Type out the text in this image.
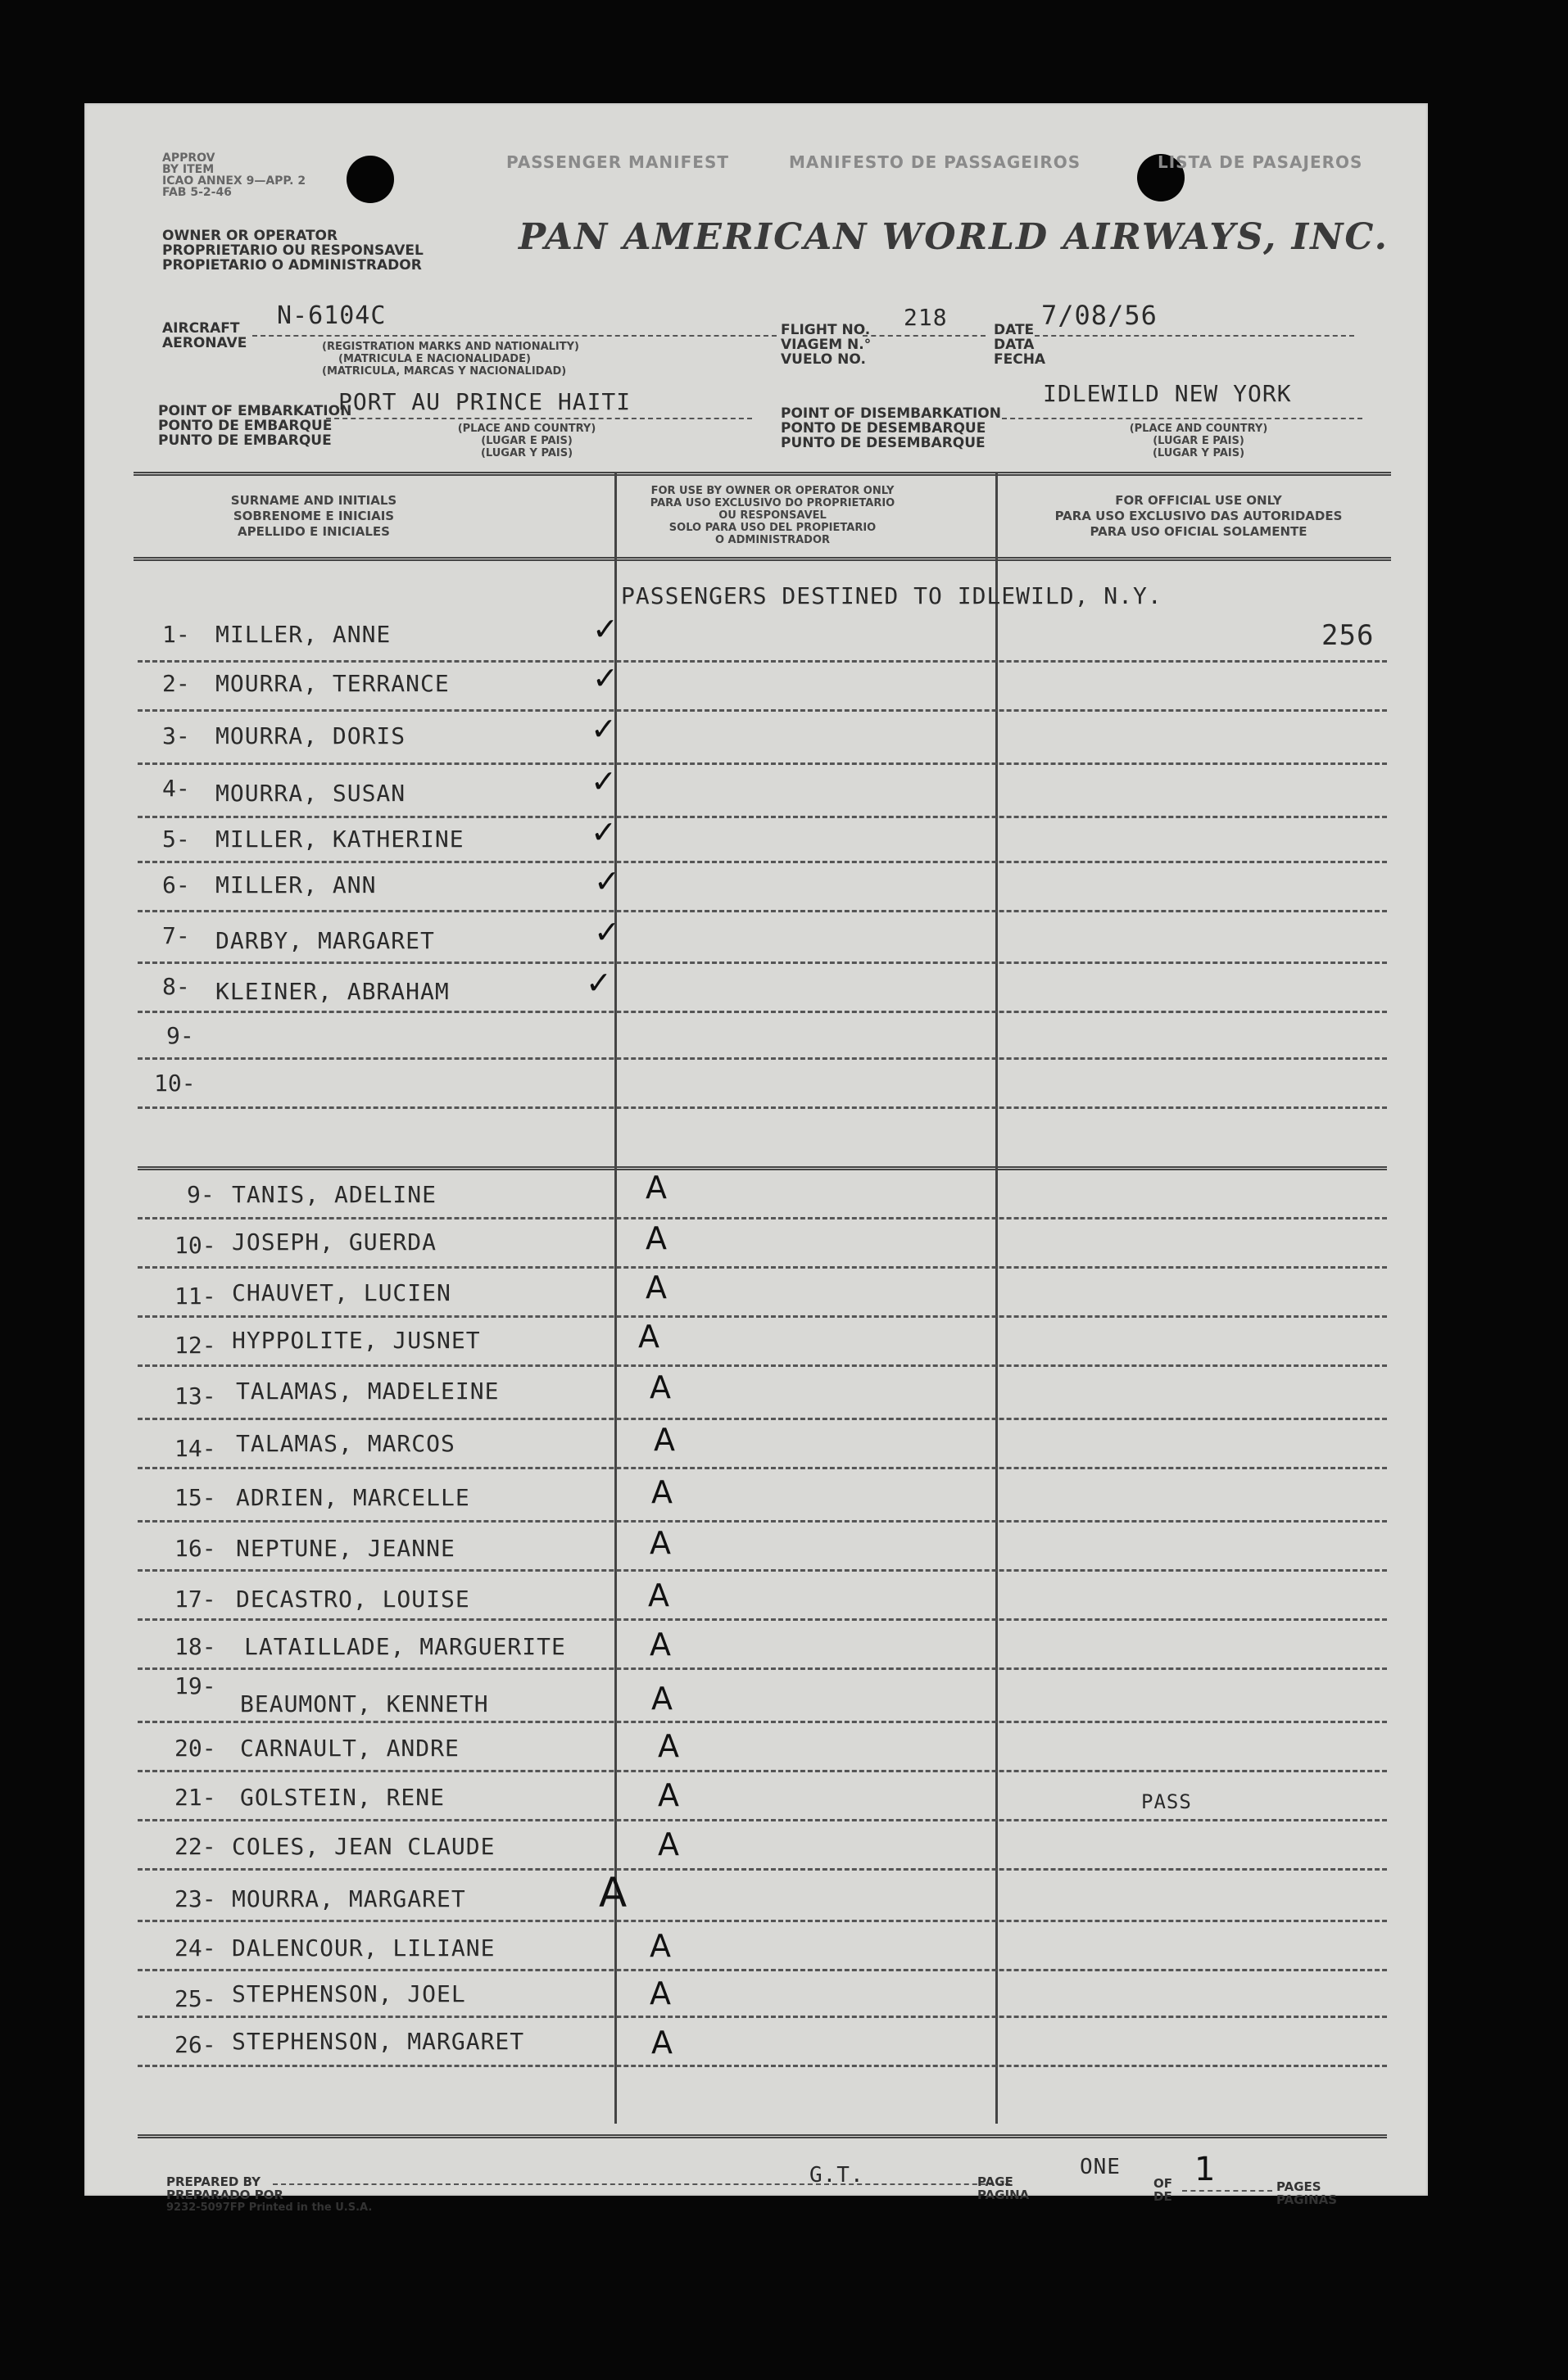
APPROV
BY ITEM
ICAO ANNEX 9—APP. 2
FAB 5-2-46
PASSENGER MANIFEST	MANIFESTO DE PASSAGEIROS	LISTA DE PASAJEROS
OWNER OR OPERATOR
PROPRIETARIO OU RESPONSAVEL
PROPIETARIO O ADMINISTRADOR
PAN AMERICAN WORLD AIRWAYS, INC.
AIRCRAFT
AERONAVE
N-6104C
(REGISTRATION MARKS AND NATIONALITY)
(MATRICULA E NACIONALIDADE)
(MATRICULA, MARCAS Y NACIONALIDAD)
FLIGHT NO.
VIAGEM N.°
VUELO NO.
218	DATE
DATA
FECHA
7/08/56
POINT OF EMBARKATION
PONTO DE EMBARQUE
PUNTO DE EMBARQUE
PORT AU PRINCE HAITI
(PLACE AND COUNTRY)
(LUGAR E PAIS)
(LUGAR Y PAIS)
POINT OF DISEMBARKATION
PONTO DE DESEMBARQUE
PUNTO DE DESEMBARQUE
IDLEWILD NEW YORK
(PLACE AND COUNTRY)
(LUGAR E PAIS)
(LUGAR Y PAIS)
SURNAME AND INITIALS
SOBRENOME E INICIAIS
APELLIDO E INICIALES
FOR USE BY OWNER OR OPERATOR ONLY
PARA USO EXCLUSIVO DO PROPRIETARIO
OU RESPONSAVEL
SOLO PARA USO DEL PROPIETARIO
O ADMINISTRADOR
FOR OFFICIAL USE ONLY
PARA USO EXCLUSIVO DAS AUTORIDADES
PARA USO OFICIAL SOLAMENTE
PASSENGERS DESTINED TO IDLEWILD, N.Y.
256
1- MILLER, ANNE	✓
2- MOURRA, TERRANCE	✓
3- MOURRA, DORIS	✓
4- MOURRA, SUSAN	✓
5- MILLER, KATHERINE	✓
6- MILLER, ANN	✓
7- DARBY, MARGARET	✓
8- KLEINER, ABRAHAM	✓
9-
10-
9- TANIS, ADELINE	A
10- JOSEPH, GUERDA	A
11- CHAUVET, LUCIEN	A
12- HYPPOLITE, JUSNET	A
13- TALAMAS, MADELEINE	A
14- TALAMAS, MARCOS	A
15- ADRIEN, MARCELLE	A
16- NEPTUNE, JEANNE	A
17- DECASTRO, LOUISE	A
18- LATAILLADE, MARGUERITE	A
19-
BEAUMONT, KENNETH	A
20- CARNAULT, ANDRE	A
21- GOLSTEIN, RENE	A	PASS
22- COLES, JEAN CLAUDE	A
23- MOURRA, MARGARET	A
24- DALENCOUR, LILIANE	A
25- STEPHENSON, JOEL	A
26- STEPHENSON, MARGARET	A
PREPARED BY
PREPARADO POR
9232-5097FP Printed in the U.S.A.
G.T.	PAGE
PAGINA
ONE
OF
DE
1	PAGES
PAGINAS
